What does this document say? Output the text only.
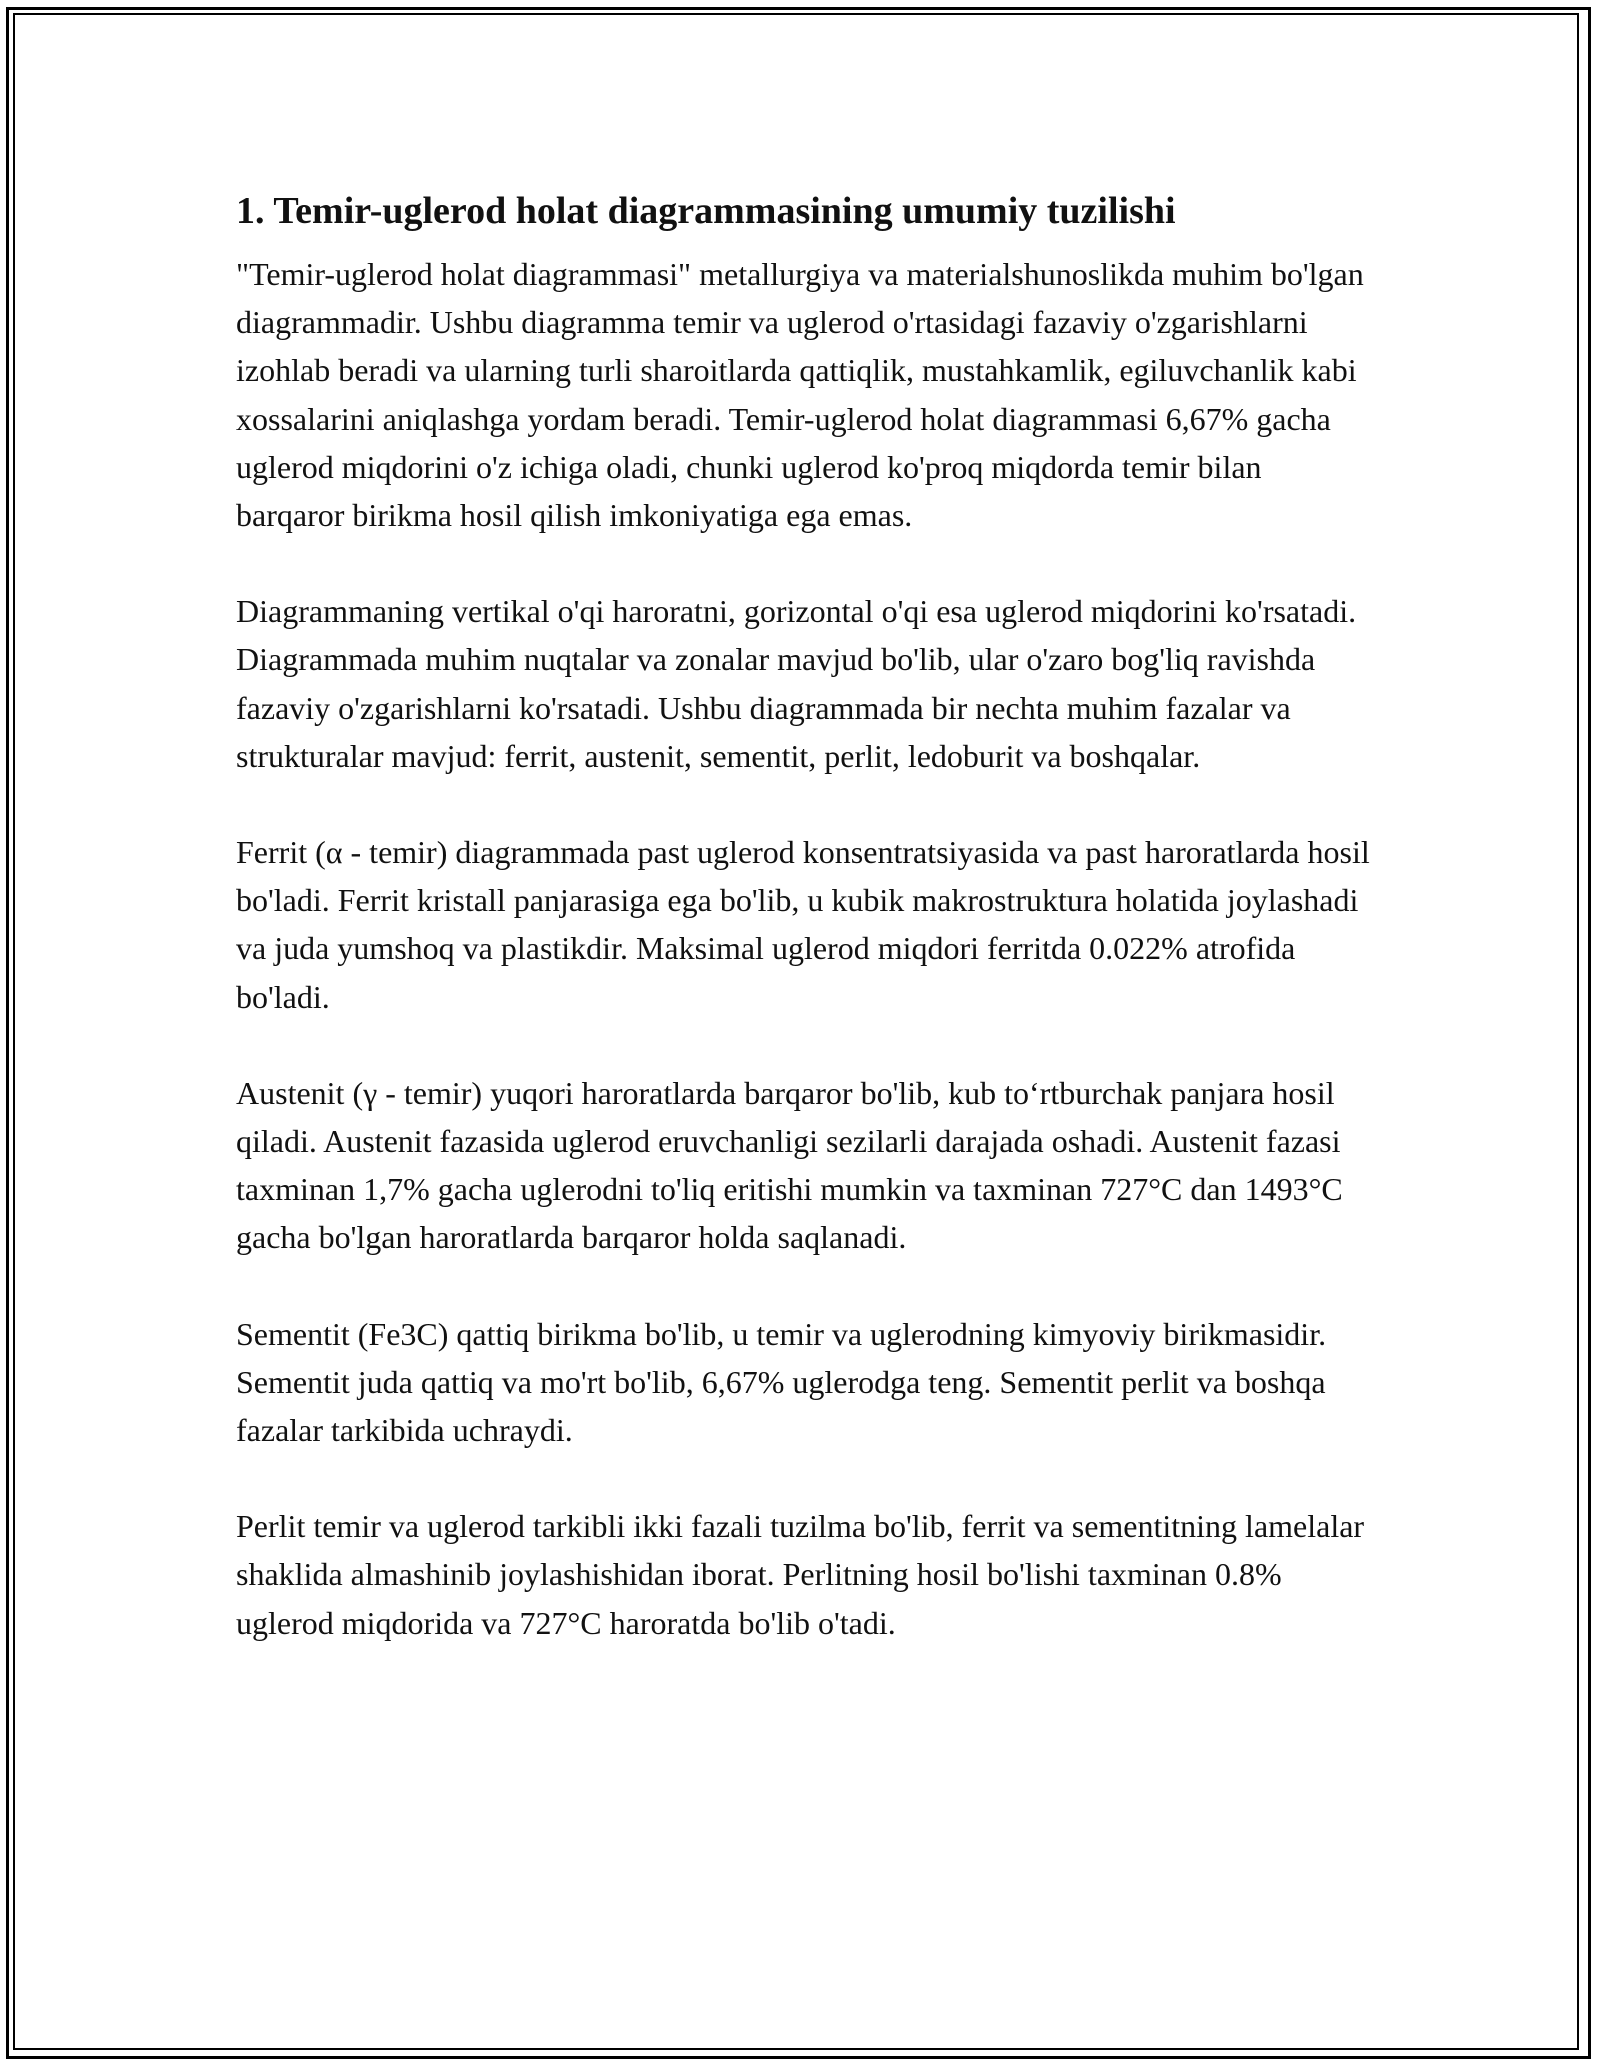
1. Temir-uglerod holat diagrammasining umumiy tuzilishi

"Temir-uglerod holat diagrammasi" metallurgiya va materialshunoslikda muhim bo'lgan diagrammadir. Ushbu diagramma temir va uglerod o'rtasidagi fazaviy o'zgarishlarni izohlab beradi va ularning turli sharoitlarda qattiqlik, mustahkamlik, egiluvchanlik kabi xossalarini aniqlashga yordam beradi. Temir-uglerod holat diagrammasi 6,67% gacha uglerod miqdorini o'z ichiga oladi, chunki uglerod ko'proq miqdorda temir bilan barqaror birikma hosil qilish imkoniyatiga ega emas.

Diagrammaning vertikal o'qi haroratni, gorizontal o'qi esa uglerod miqdorini ko'rsatadi. Diagrammada muhim nuqtalar va zonalar mavjud bo'lib, ular o'zaro bog'liq ravishda fazaviy o'zgarishlarni ko'rsatadi. Ushbu diagrammada bir nechta muhim fazalar va strukturalar mavjud: ferrit, austenit, sementit, perlit, ledoburit va boshqalar.

Ferrit (α - temir) diagrammada past uglerod konsentratsiyasida va past haroratlarda hosil bo'ladi. Ferrit kristall panjarasiga ega bo'lib, u kubik makrostruktura holatida joylashadi va juda yumshoq va plastikdir. Maksimal uglerod miqdori ferritda 0.022% atrofida bo'ladi.

Austenit (γ - temir) yuqori haroratlarda barqaror bo'lib, kub to‘rtburchak panjara hosil qiladi. Austenit fazasida uglerod eruvchanligi sezilarli darajada oshadi. Austenit fazasi taxminan 1,7% gacha uglerodni to'liq eritishi mumkin va taxminan 727°C dan 1493°C gacha bo'lgan haroratlarda barqaror holda saqlanadi.

Sementit (Fe3C) qattiq birikma bo'lib, u temir va uglerodning kimyoviy birikmasidir. Sementit juda qattiq va mo'rt bo'lib, 6,67% uglerodga teng. Sementit perlit va boshqa fazalar tarkibida uchraydi.

Perlit temir va uglerod tarkibli ikki fazali tuzilma bo'lib, ferrit va sementitning lamelalar shaklida almashinib joylashishidan iborat. Perlitning hosil bo'lishi taxminan 0.8% uglerod miqdorida va 727°C haroratda bo'lib o'tadi.
